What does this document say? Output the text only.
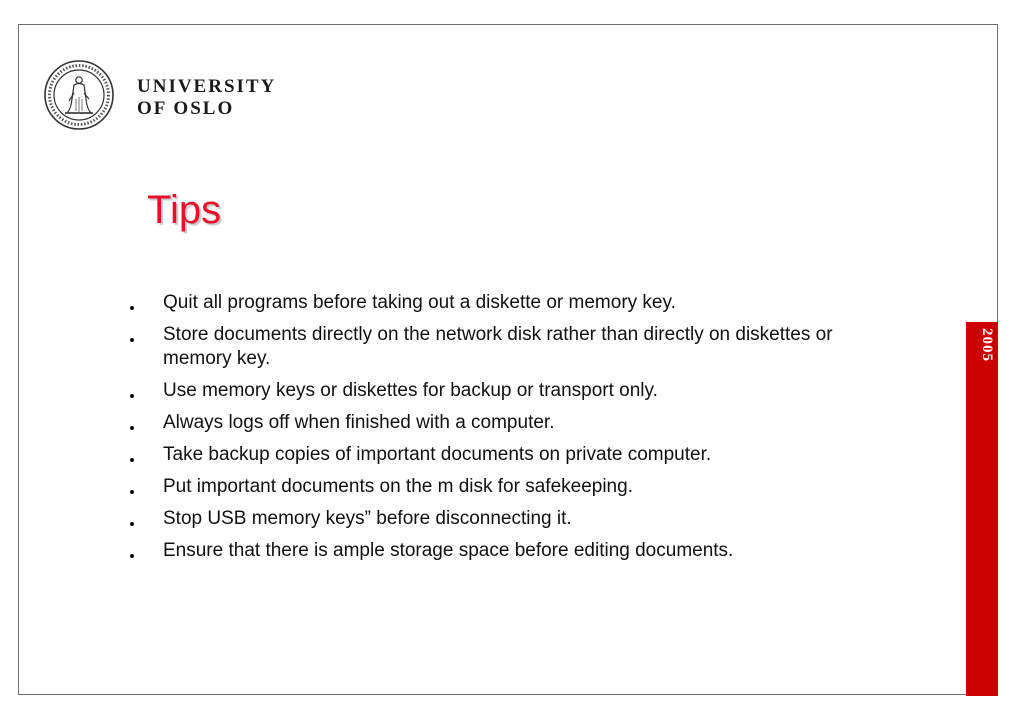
UNIVERSITY
OF OSLO
Tips
Quit all programs before taking out a diskette or memory key.
Store documents directly on the network disk rather than directly on diskettes or memory key.
Use memory keys or diskettes for backup or transport only.
Always logs off when finished with a computer.
Take backup copies of important documents on private computer.
Put important documents on the m disk for safekeeping.
Stop USB memory keys” before disconnecting it.
Ensure that there is ample storage space before editing documents.
2005
